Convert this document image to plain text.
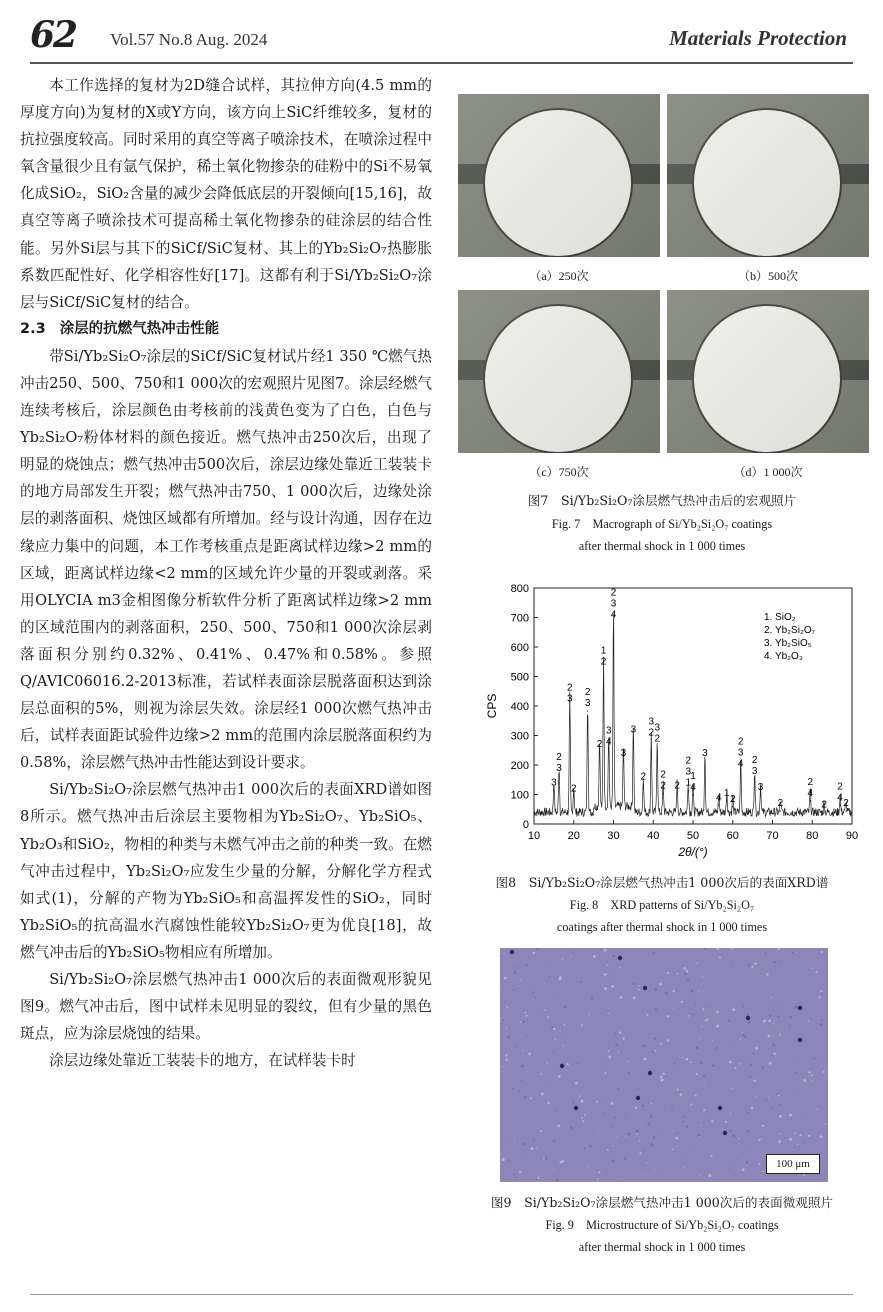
62 Vol.57 No.8 Aug. 2024	Materials Protection

本工作选择的复材为2D缝合试样，其拉伸方向(4.5 mm的厚度方向)为复材的X或Y方向，该方向上SiC纤维较多，复材的抗拉强度较高。同时采用的真空等离子喷涂技术，在喷涂过程中氧含量很少且有氩气保护，稀土氧化物掺杂的硅粉中的Si不易氧化成SiO₂，SiO₂含量的减少会降低底层的开裂倾向[15,16]，故真空等离子喷涂技术可提高稀土氧化物掺杂的硅涂层的结合性能。另外Si层与其下的SiCf/SiC复材、其上的Yb₂Si₂O₇热膨胀系数匹配性好、化学相容性好[17]。这都有利于Si/Yb₂Si₂O₇涂层与SiCf/SiC复材的结合。

2.3 涂层的抗燃气热冲击性能

带Si/Yb₂Si₂O₇涂层的SiCf/SiC复材试片经1 350 ℃燃气热冲击250、500、750和1 000次的宏观照片见图7。涂层经燃气连续考核后，涂层颜色由考核前的浅黄色变为了白色，白色与Yb₂Si₂O₇粉体材料的颜色接近。燃气热冲击250次后，出现了明显的烧蚀点；燃气热冲击500次后，涂层边缘处靠近工装装卡的地方局部发生开裂；燃气热冲击750、1 000次后，边缘处涂层的剥落面积、烧蚀区域都有所增加。经与设计沟通，因存在边缘应力集中的问题，本工作考核重点是距离试样边缘>2 mm的区域，距离试样边缘<2 mm的区域允许少量的开裂或剥落。采用OLYCIA m3金相图像分析软件分析了距离试样边缘>2 mm的区域范围内的剥落面积，250、500、750和1 000次涂层剥落面积分别约0.32%、0.41%、0.47%和0.58%。参照Q/AVIC06016.2-2013标准，若试样表面涂层脱落面积达到涂层总面积的5%，则视为涂层失效。涂层经1 000次燃气热冲击后，试样表面距试验件边缘>2 mm的范围内涂层脱落面积约为0.58%，涂层燃气热冲击性能达到设计要求。

Si/Yb₂Si₂O₇涂层燃气热冲击1 000次后的表面XRD谱如图8所示。燃气热冲击后涂层主要物相为Yb₂Si₂O₇、Yb₂SiO₅、Yb₂O₃和SiO₂，物相的种类与未燃气冲击之前的种类一致。在燃气冲击过程中，Yb₂Si₂O₇应发生少量的分解，分解化学方程式如式(1)，分解的产物为Yb₂SiO₅和高温挥发性的SiO₂，同时Yb₂SiO₅的抗高温水汽腐蚀性能较Yb₂Si₂O₇更为优良[18]，故燃气冲击后的Yb₂SiO₅物相应有所增加。

Si/Yb₂Si₂O₇涂层燃气热冲击1 000次后的表面微观形貌见图9。燃气冲击后，图中试样未见明显的裂纹，但有少量的黑色斑点，应为涂层烧蚀的结果。

涂层边缘处靠近工装装卡的地方，在试样装卡时

（a）250次	（b）500次
（c）750次	（d）1 000次
图7　Si/Yb₂Si₂O₇涂层燃气热冲击后的宏观照片
Fig. 7　Macrograph of Si/Yb₂Si₂O₇ coatings
after thermal shock in 1 000 times
10	20	30	40	50	60	70	80	90
0
100
200
300
400
500
600
700
800
2θ/(°)
CPS
3
2
3
2
3
2
2
3
2
1
2
3
4
2
3
4
3
3
2
3
2 3
2
2
2 2
2
3
1
1
4
3
4 1
2
2
3
4 2
3
3
2
2
4
2
2
4
2
1. SiO₂
2. Yb₂Si₂O₇
3. Yb₂SiO₅
4. Yb₂O₃
图8　Si/Yb₂Si₂O₇涂层燃气热冲击1 000次后的表面XRD谱
Fig. 8　XRD patterns of Si/Yb₂Si₂O₇
coatings after thermal shock in 1 000 times
100 μm
图9　Si/Yb₂Si₂O₇涂层燃气热冲击1 000次后的表面微观照片
Fig. 9　Microstructure of Si/Yb₂Si₂O₇ coatings
after thermal shock in 1 000 times
